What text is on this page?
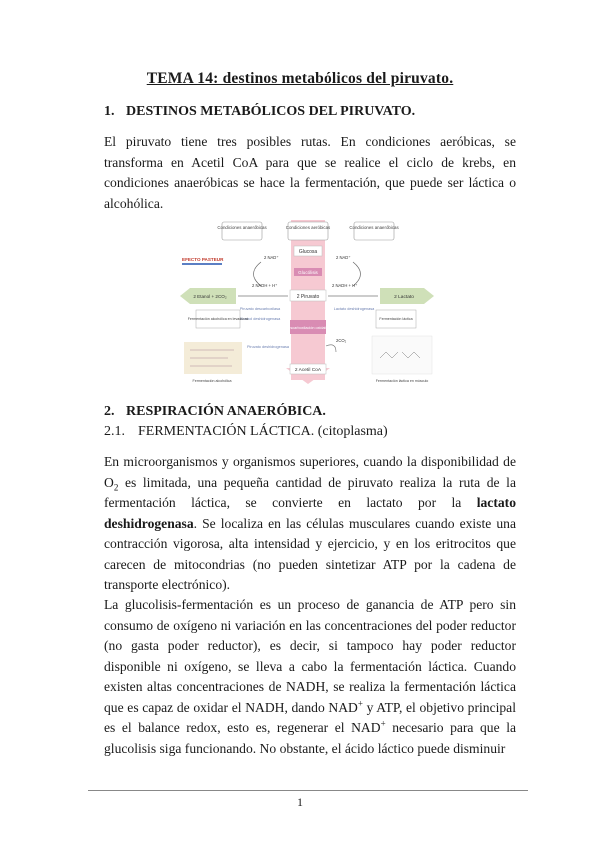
TEMA 14: destinos metabólicos del piruvato.
1. DESTINOS METABÓLICOS DEL PIRUVATO.

El piruvato tiene tres posibles rutas. En condiciones aeróbicas, se transforma en Acetil CoA para que se realice el ciclo de krebs, en condiciones anaeróbicas se hace la fermentación, que puede ser láctica o alcohólica.

Condiciones anaeróbicas	Condiciones aeróbicas	Condiciones anaeróbicas
Glucosa
EFECTO PASTEUR	2 NAD⁺	2 NAD⁺
Glucólisis
2 NADH + H⁺	2 NADH + H⁺
2 Etanol + 2CO₂	2 Piruvato	2 Lactato
Piruvato descarboxilasa
Alcohol deshidrogenasa
Lactato deshidrogenasa
Fermentación alcohólica en levaduras	Fermentación láctica
Descarboxilación oxidativa
2CO₂
Piruvato deshidrogenasa
2 Acetil CoA
Fermentación alcohólica	Fermentación láctica en músculo
2. RESPIRACIÓN ANAERÓBICA.
2.1. FERMENTACIÓN LÁCTICA. (citoplasma)

En microorganismos y organismos superiores, cuando la disponibilidad de $O_2$ es limitada, una pequeña cantidad de piruvato realiza la ruta de la fermentación láctica, se convierte en lactato por la lactato deshidrogenasa. Se localiza en las células musculares cuando existe una contracción vigorosa, alta intensidad y ejercicio, y en los eritrocitos que carecen de mitocondrias (no pueden sintetizar ATP por la cadena de transporte electrónico).

La glucolisis-fermentación es un proceso de ganancia de ATP pero sin consumo de oxígeno ni variación en las concentraciones del poder reductor (no gasta poder reductor), es decir, si tampoco hay poder reductor disponible ni oxígeno, se lleva a cabo la fermentación láctica. Cuando existen altas concentraciones de NADH, se realiza la fermentación láctica que es capaz de oxidar el NADH, dando NAD+ y ATP, el objetivo principal es el balance redox, esto es, regenerar el NAD+ necesario para que la glucolisis siga funcionando. No obstante, el ácido láctico puede disminuir

1
